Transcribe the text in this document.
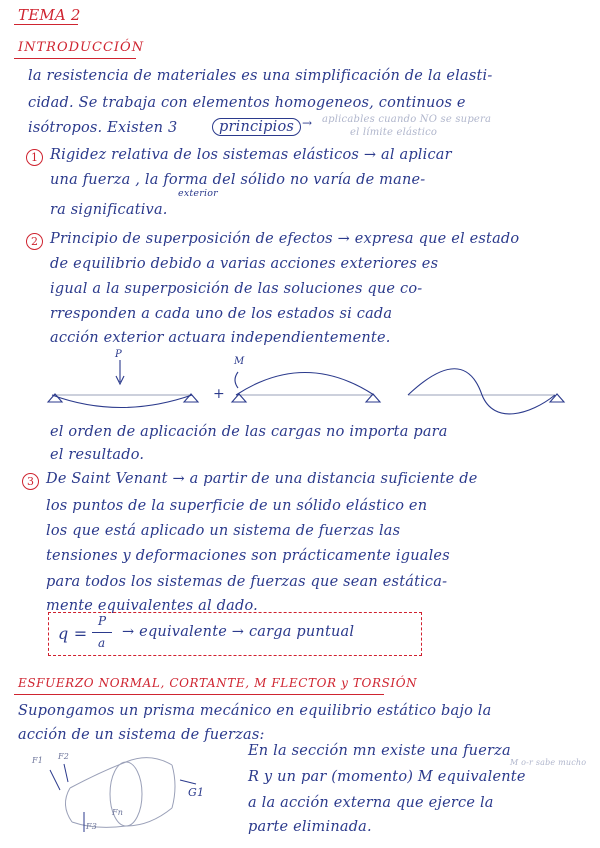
TEMA 2
INTRODUCCIÓN
la resistencia de materiales es una simplificación de la elasti-
cidad. Se trabaja con elementos homogeneos, continuos e
isótropos. Existen 3	principios → aplicables cuando NO se supera
el límite elástico
1 Rigidez relativa de los sistemas elásticos → al aplicar
una fuerza , la forma del sólido no varía de mane-
exterior
ra significativa.
2 Principio de superposición de efectos → expresa que el estado
de equilibrio debido a varias acciones exteriores es
igual a la superposición de las soluciones que co-
rresponden a cada uno de los estados si cada
acción exterior actuara independientemente.
P
M
+
el orden de aplicación de las cargas no importa para
el resultado.
3 De Saint Venant → a partir de una distancia suficiente de
los puntos de la superficie de un sólido elástico en
los que está aplicado un sistema de fuerzas las
tensiones y deformaciones son prácticamente iguales
para todos los sistemas de fuerzas que sean estática-
mente equivalentes al dado.
q =
P
a
→ equivalente → carga puntual
ESFUERZO NORMAL, CORTANTE, M FLECTOR y TORSIÓN
Supongamos un prisma mecánico en equilibrio estático bajo la
acción de un sistema de fuerzas:
F1 F2
F3
Fn
G1
En la sección mn existe una fuerza
M o-r sabe mucho
R y un par (momento) M equivalente
a la acción externa que ejerce la
parte eliminada.
